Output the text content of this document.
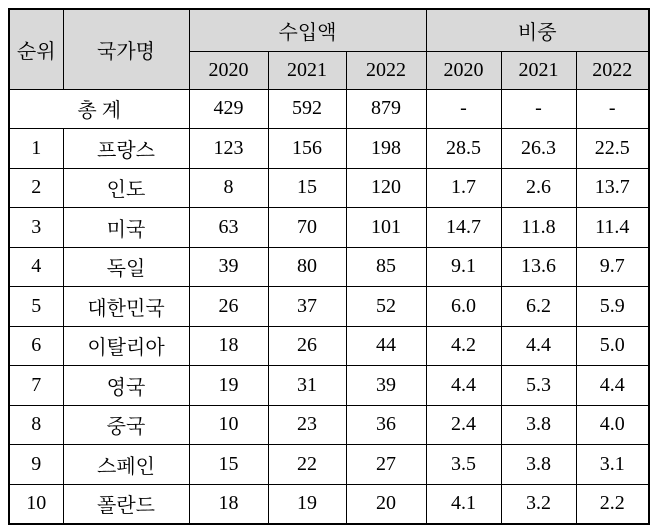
순위	국가명	수입액			비중		
		2020	2021	2022	2020	2021	2022
총 계		429	592	879	-	-	-
1	프랑스	123	156	198	28.5	26.3	22.5
2	인도	8	15	120	1.7	2.6	13.7
3	미국	63	70	101	14.7	11.8	11.4
4	독일	39	80	85	9.1	13.6	9.7
5	대한민국	26	37	52	6.0	6.2	5.9
6	이탈리아	18	26	44	4.2	4.4	5.0
7	영국	19	31	39	4.4	5.3	4.4
8	중국	10	23	36	2.4	3.8	4.0
9	스페인	15	22	27	3.5	3.8	3.1
10	폴란드	18	19	20	4.1	3.2	2.2
